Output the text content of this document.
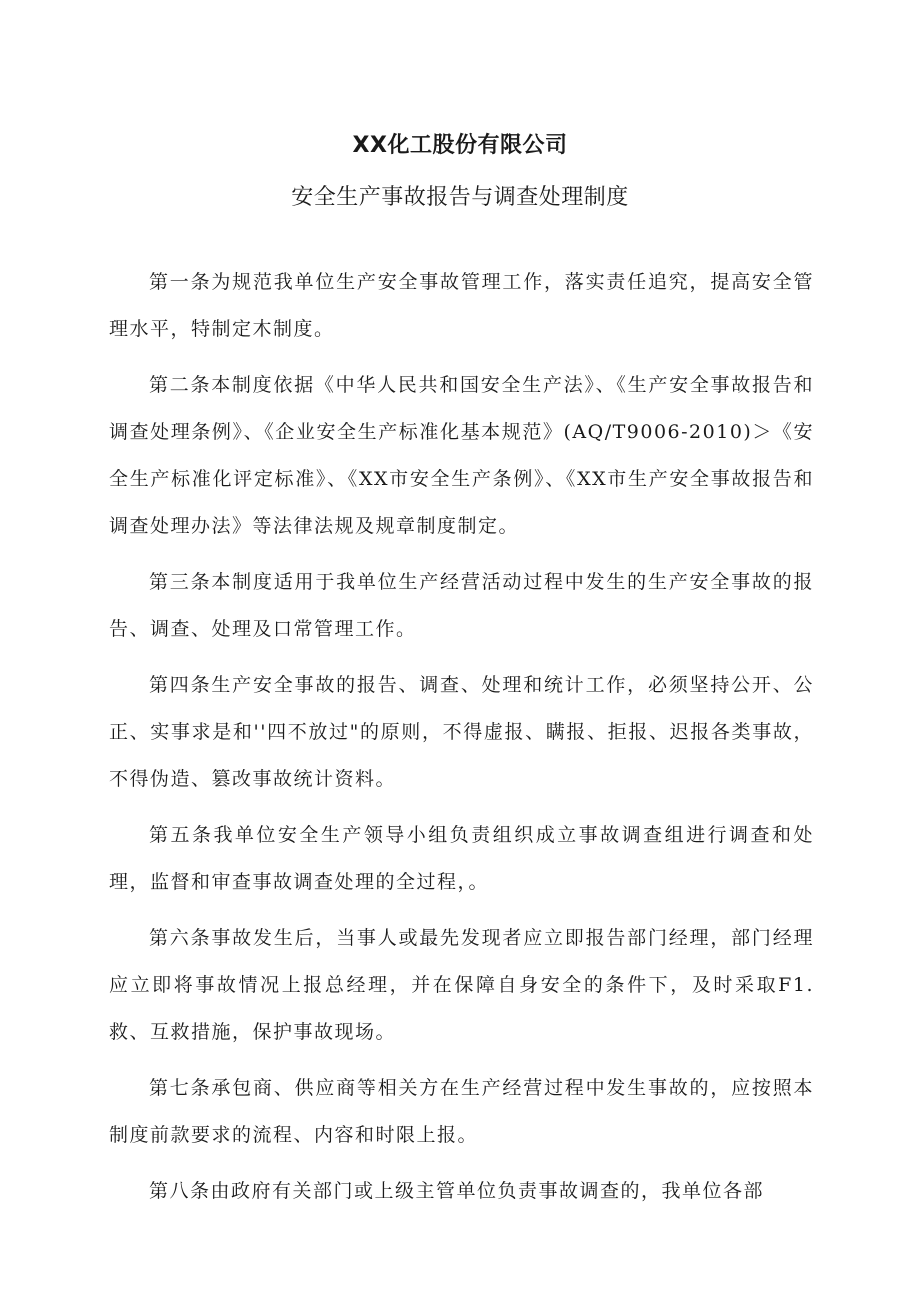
XX化工股份有限公司
安全生产事故报告与调查处理制度

第一条为规范我单位生产安全事故管理工作，落实责任追究，提高安全管理水平，特制定木制度。

第二条本制度依据《中华人民共和国安全生产法》、《生产安全事故报告和调查处理条例》、《企业安全生产标准化基本规范》(AQ/T9006-2010)＞《安全生产标准化评定标准》、《XX市安全生产条例》、《XX市生产安全事故报告和调查处理办法》等法律法规及规章制度制定。

第三条本制度适用于我单位生产经营活动过程中发生的生产安全事故的报告、调查、处理及口常管理工作。

第四条生产安全事故的报告、调查、处理和统计工作，必须坚持公开、公正、实事求是和''四不放过"的原则，不得虚报、瞒报、拒报、迟报各类事故，不得伪造、篡改事故统计资料。

第五条我单位安全生产领导小组负责组织成立事故调查组进行调查和处理，监督和审查事故调查处理的全过程，。

第六条事故发生后，当事人或最先发现者应立即报告部门经理，部门经理应立即将事故情况上报总经理，并在保障自身安全的条件下，及时采取F1.救、互救措施，保护事故现场。

第七条承包商、供应商等相关方在生产经营过程中发生事故的，应按照本制度前款要求的流程、内容和时限上报。

第八条由政府有关部门或上级主管单位负责事故调查的，我单位各部
